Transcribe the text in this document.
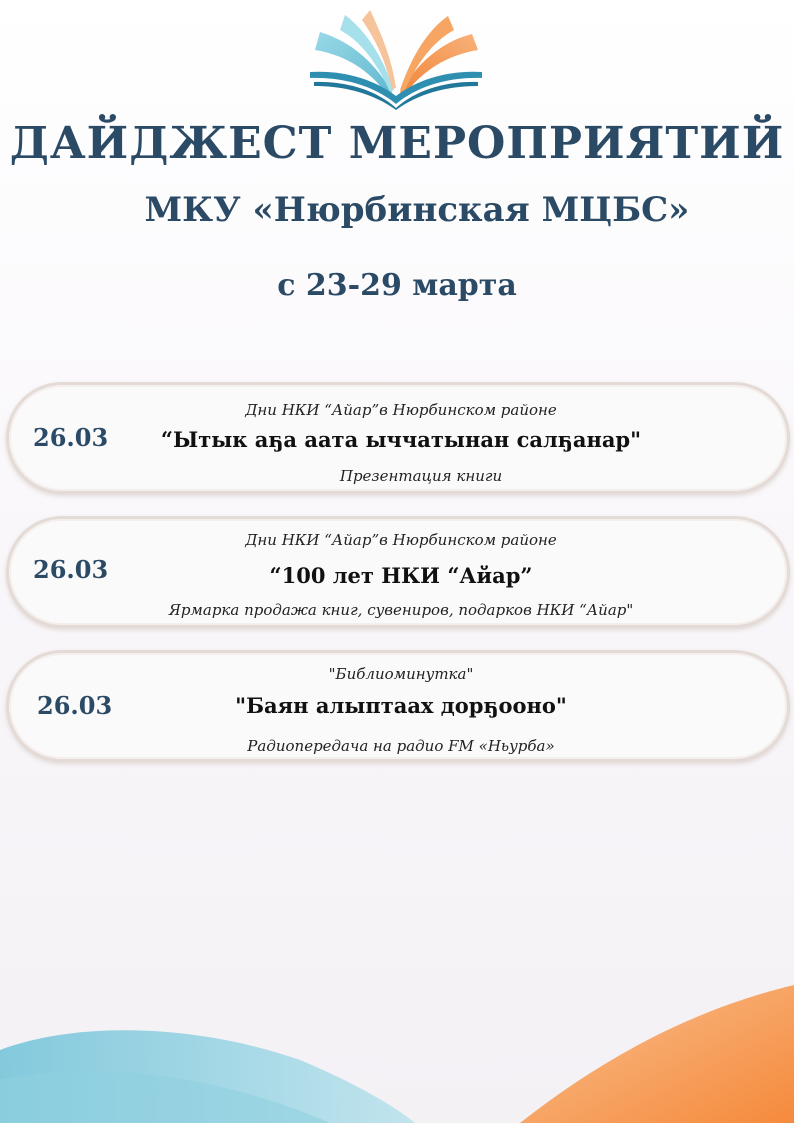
ДАЙДЖЕСТ МЕРОПРИЯТИЙ
МКУ «Нюрбинская МЦБС»
с 23-29 марта
26.03
Дни НКИ “Айар”в Нюрбинском районе
“Ытык аҕа аата ыччатынан салҕанар"
Презентация книги
26.03
Дни НКИ “Айар”в Нюрбинском районе
“100 лет НКИ “Айар”
Ярмарка продажа книг, сувениров, подарков НКИ “Айар"
26.03
"Библиоминутка"
"Баян алыптаах дорҕооно"
Радиопередача на радио FM «Ньурба»
